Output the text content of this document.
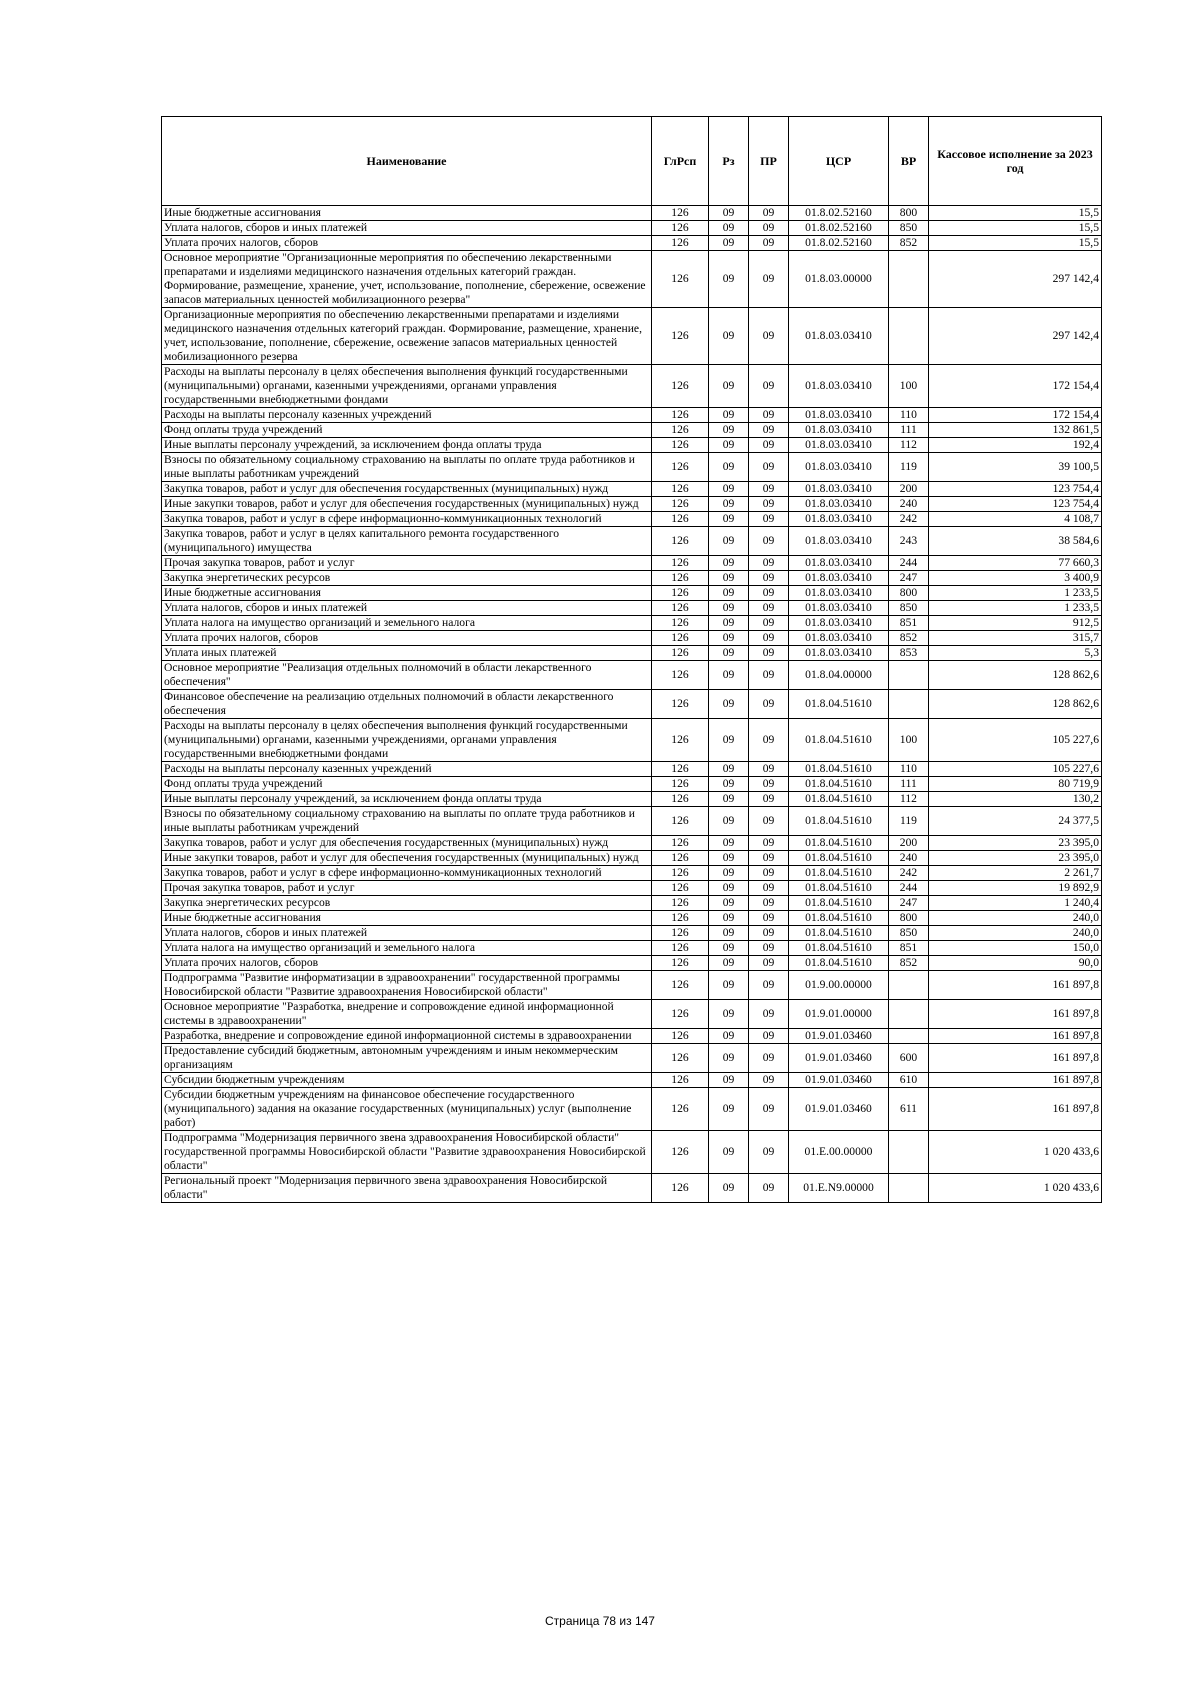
Наименование	ГлРсп	Рз	ПР	ЦСР	ВР	Кассовое исполнение за 2023 год
Иные бюджетные ассигнования	126	09	09	01.8.02.52160	800	15,5
Уплата налогов, сборов и иных платежей	126	09	09	01.8.02.52160	850	15,5
Уплата прочих налогов, сборов	126	09	09	01.8.02.52160	852	15,5
Основное мероприятие "Организационные мероприятия по обеспечению лекарственными препаратами и изделиями медицинского назначения отдельных категорий граждан. Формирование, размещение, хранение, учет, использование, пополнение, сбережение, освежение запасов материальных ценностей мобилизационного резерва"	126	09	09	01.8.03.00000		297 142,4
Организационные мероприятия по обеспечению лекарственными препаратами и изделиями медицинского назначения отдельных категорий граждан. Формирование, размещение, хранение, учет, использование, пополнение, сбережение, освежение запасов материальных ценностей мобилизационного резерва	126	09	09	01.8.03.03410		297 142,4
Расходы на выплаты персоналу в целях обеспечения выполнения функций государственными (муниципальными) органами, казенными учреждениями, органами управления государственными внебюджетными фондами	126	09	09	01.8.03.03410	100	172 154,4
Расходы на выплаты персоналу казенных учреждений	126	09	09	01.8.03.03410	110	172 154,4
Фонд оплаты труда учреждений	126	09	09	01.8.03.03410	111	132 861,5
Иные выплаты персоналу учреждений, за исключением фонда оплаты труда	126	09	09	01.8.03.03410	112	192,4
Взносы по обязательному социальному страхованию на выплаты по оплате труда работников и иные выплаты работникам учреждений	126	09	09	01.8.03.03410	119	39 100,5
Закупка товаров, работ и услуг для обеспечения государственных (муниципальных) нужд	126	09	09	01.8.03.03410	200	123 754,4
Иные закупки товаров, работ и услуг для обеспечения государственных (муниципальных) нужд	126	09	09	01.8.03.03410	240	123 754,4
Закупка товаров, работ и услуг в сфере информационно-коммуникационных технологий	126	09	09	01.8.03.03410	242	4 108,7
Закупка товаров, работ и услуг в целях капитального ремонта государственного (муниципального) имущества	126	09	09	01.8.03.03410	243	38 584,6
Прочая закупка товаров, работ и услуг	126	09	09	01.8.03.03410	244	77 660,3
Закупка энергетических ресурсов	126	09	09	01.8.03.03410	247	3 400,9
Иные бюджетные ассигнования	126	09	09	01.8.03.03410	800	1 233,5
Уплата налогов, сборов и иных платежей	126	09	09	01.8.03.03410	850	1 233,5
Уплата налога на имущество организаций и земельного налога	126	09	09	01.8.03.03410	851	912,5
Уплата прочих налогов, сборов	126	09	09	01.8.03.03410	852	315,7
Уплата иных платежей	126	09	09	01.8.03.03410	853	5,3
Основное мероприятие "Реализация отдельных полномочий в области лекарственного обеспечения"	126	09	09	01.8.04.00000		128 862,6
Финансовое обеспечение на реализацию отдельных полномочий в области лекарственного обеспечения	126	09	09	01.8.04.51610		128 862,6
Расходы на выплаты персоналу в целях обеспечения выполнения функций государственными (муниципальными) органами, казенными учреждениями, органами управления государственными внебюджетными фондами	126	09	09	01.8.04.51610	100	105 227,6
Расходы на выплаты персоналу казенных учреждений	126	09	09	01.8.04.51610	110	105 227,6
Фонд оплаты труда учреждений	126	09	09	01.8.04.51610	111	80 719,9
Иные выплаты персоналу учреждений, за исключением фонда оплаты труда	126	09	09	01.8.04.51610	112	130,2
Взносы по обязательному социальному страхованию на выплаты по оплате труда работников и иные выплаты работникам учреждений	126	09	09	01.8.04.51610	119	24 377,5
Закупка товаров, работ и услуг для обеспечения государственных (муниципальных) нужд	126	09	09	01.8.04.51610	200	23 395,0
Иные закупки товаров, работ и услуг для обеспечения государственных (муниципальных) нужд	126	09	09	01.8.04.51610	240	23 395,0
Закупка товаров, работ и услуг в сфере информационно-коммуникационных технологий	126	09	09	01.8.04.51610	242	2 261,7
Прочая закупка товаров, работ и услуг	126	09	09	01.8.04.51610	244	19 892,9
Закупка энергетических ресурсов	126	09	09	01.8.04.51610	247	1 240,4
Иные бюджетные ассигнования	126	09	09	01.8.04.51610	800	240,0
Уплата налогов, сборов и иных платежей	126	09	09	01.8.04.51610	850	240,0
Уплата налога на имущество организаций и земельного налога	126	09	09	01.8.04.51610	851	150,0
Уплата прочих налогов, сборов	126	09	09	01.8.04.51610	852	90,0
Подпрограмма "Развитие информатизации в здравоохранении" государственной программы Новосибирской области "Развитие здравоохранения Новосибирской области"	126	09	09	01.9.00.00000		161 897,8
Основное мероприятие "Разработка, внедрение и сопровождение единой информационной системы в здравоохранении"	126	09	09	01.9.01.00000		161 897,8
Разработка, внедрение и сопровождение единой информационной системы в здравоохранении	126	09	09	01.9.01.03460		161 897,8
Предоставление субсидий бюджетным, автономным учреждениям и иным некоммерческим организациям	126	09	09	01.9.01.03460	600	161 897,8
Субсидии бюджетным учреждениям	126	09	09	01.9.01.03460	610	161 897,8
Субсидии бюджетным учреждениям на финансовое обеспечение государственного (муниципального) задания на оказание государственных (муниципальных) услуг (выполнение работ)	126	09	09	01.9.01.03460	611	161 897,8
Подпрограмма "Модернизация первичного звена здравоохранения Новосибирской области" государственной программы Новосибирской области "Развитие здравоохранения Новосибирской области"	126	09	09	01.Е.00.00000		1 020 433,6
Региональный проект "Модернизация первичного звена здравоохранения Новосибирской области"	126	09	09	01.Е.N9.00000		1 020 433,6
Страница 78 из 147
